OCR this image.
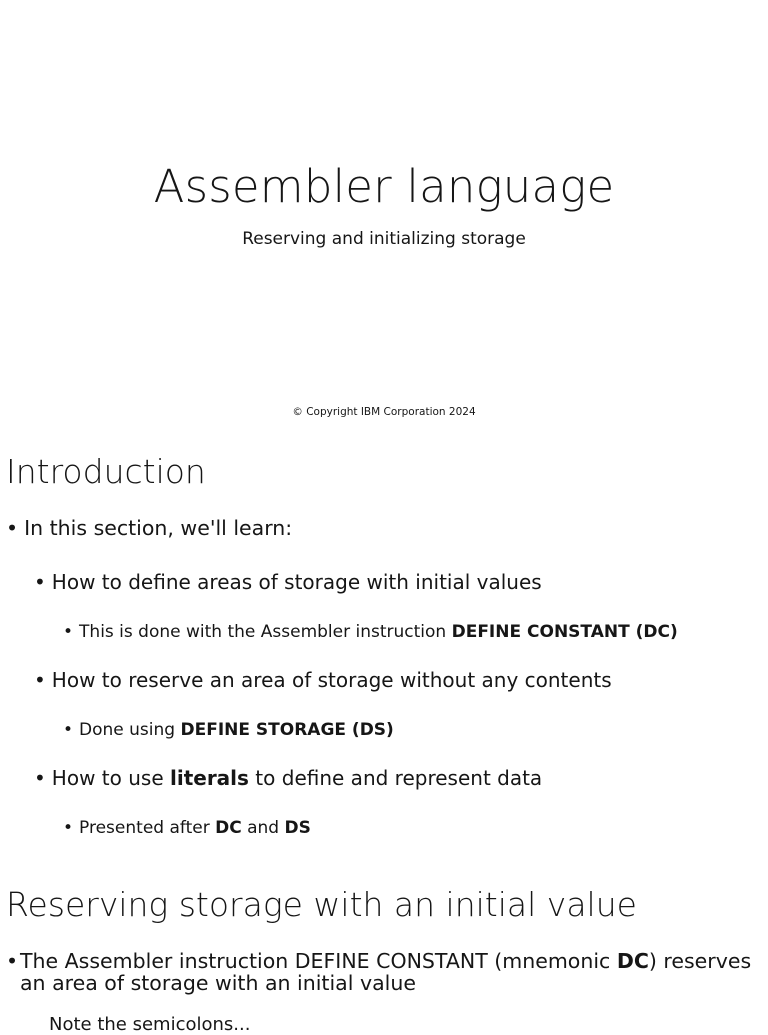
Assembler language

Reserving and initializing storage

© Copyright IBM Corporation 2024

Introduction

• In this section, we'll learn:

• How to define areas of storage with initial values

• This is done with the Assembler instruction DEFINE CONSTANT (DC)

• How to reserve an area of storage without any contents

• Done using DEFINE STORAGE (DS)

• How to use literals to define and represent data

• Presented after DC and DS

Reserving storage with an initial value

• The Assembler instruction DEFINE CONSTANT (mnemonic DC) reserves an area of storage with an initial value

Note the semicolons...
